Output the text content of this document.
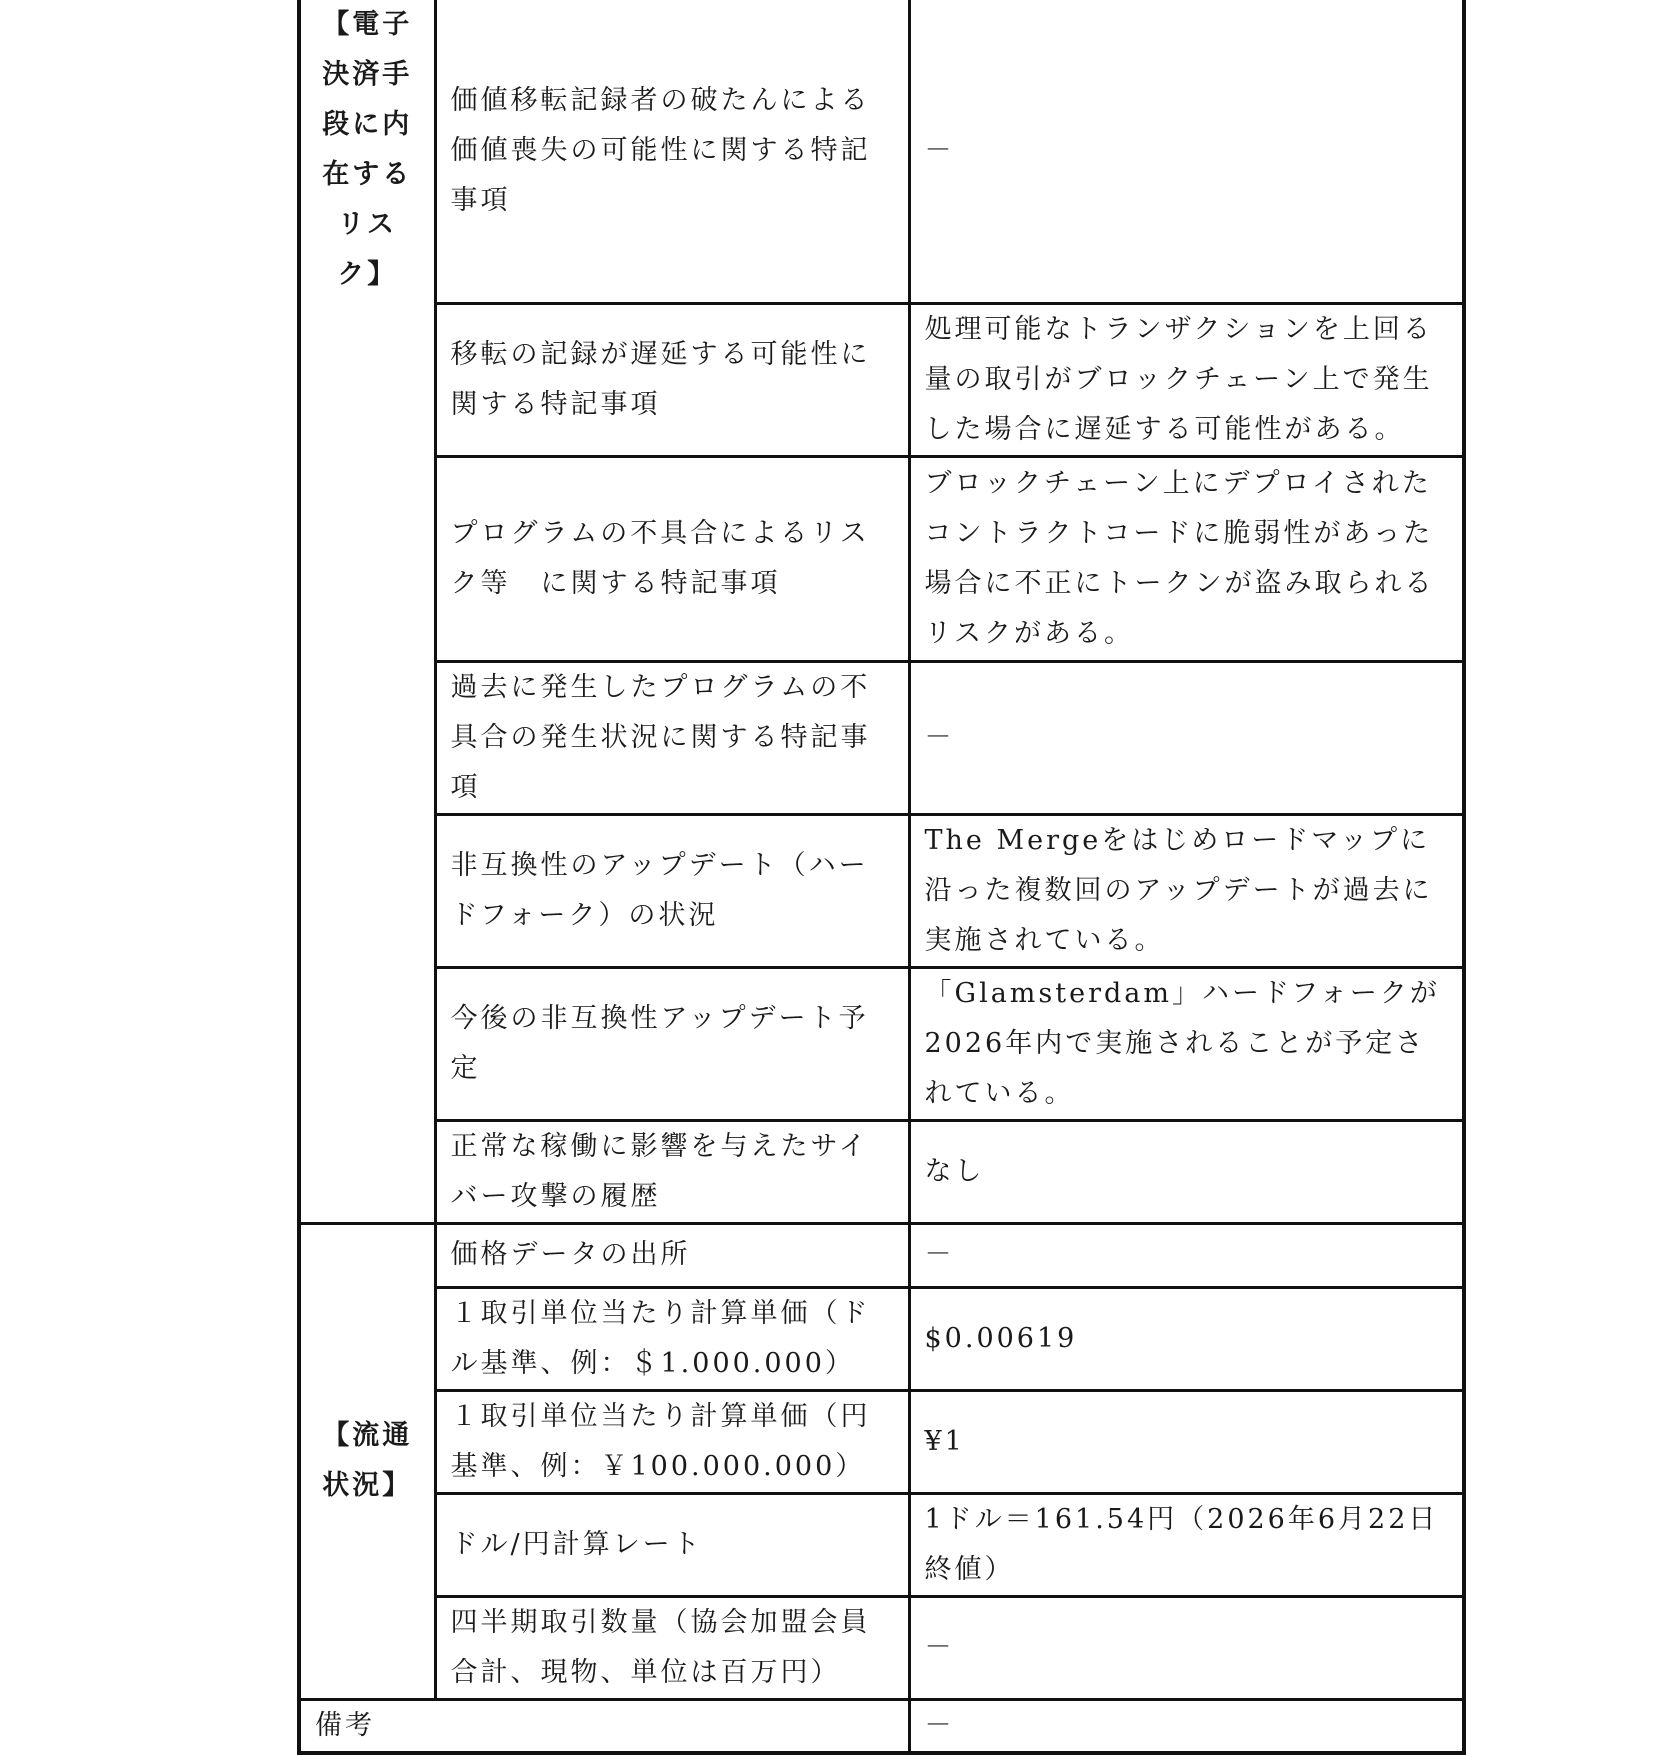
【電子決済手段に内在するリスク】	価値移転記録者の破たんによる価値喪失の可能性に関する特記事項	－
	移転の記録が遅延する可能性に関する特記事項	処理可能なトランザクションを上回る量の取引がブロックチェーン上で発生した場合に遅延する可能性がある。
	プログラムの不具合によるリスク等　に関する特記事項	ブロックチェーン上にデプロイされたコントラクトコードに脆弱性があった場合に不正にトークンが盗み取られるリスクがある。
	過去に発生したプログラムの不具合の発生状況に関する特記事項	－
	非互換性のアップデート（ハードフォーク）の状況	The Mergeをはじめロードマップに沿った複数回のアップデートが過去に実施されている。
	今後の非互換性アップデート予定	「Glamsterdam」ハードフォークが2026年内で実施されることが予定されている。
	正常な稼働に影響を与えたサイバー攻撃の履歴	なし

【流通状況】	価格データの出所	－
	１取引単位当たり計算単価（ドル基準、例：＄1.000.000）	$0.00619
	１取引単位当たり計算単価（円基準、例：￥100.000.000）	¥1
	ドル/円計算レート	1ドル＝161.54円（2026年6月22日終値）
	四半期取引数量（協会加盟会員合計、現物、単位は百万円）	－
備考		－
